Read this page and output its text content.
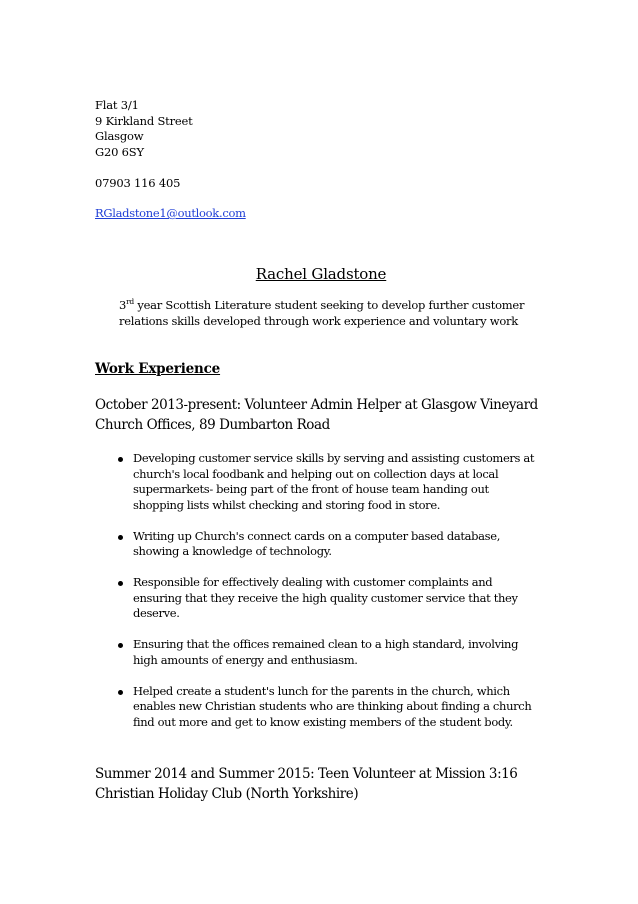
Flat 3/1
9 Kirkland Street
Glasgow
G20 6SY
07903 116 405
RGladstone1@outlook.com
Rachel Gladstone
3rd year Scottish Literature student seeking to develop further customer relations skills developed through work experience and voluntary work
Work Experience
October 2013-present: Volunteer Admin Helper at Glasgow Vineyard Church Offices, 89 Dumbarton Road
Developing customer service skills by serving and assisting customers at church's local foodbank and helping out on collection days at local supermarkets- being part of the front of house team handing out shopping lists whilst checking and storing food in store.
Writing up Church's connect cards on a computer based database, showing a knowledge of technology.
Responsible for effectively dealing with customer complaints and ensuring that they receive the high quality customer service that they deserve.
Ensuring that the offices remained clean to a high standard, involving high amounts of energy and enthusiasm.
Helped create a student's lunch for the parents in the church, which enables new Christian students who are thinking about finding a church find out more and get to know existing members of the student body.
Summer 2014 and Summer 2015: Teen Volunteer at Mission 3:16 Christian Holiday Club (North Yorkshire)
